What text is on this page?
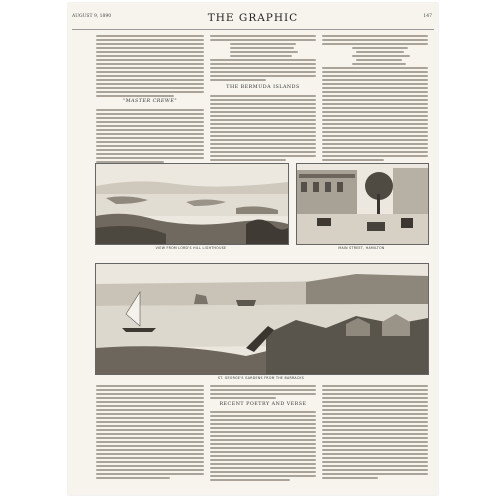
AUGUST 9, 1890	THE GRAPHIC	147
"MASTER CREWE"
THE BERMUDA ISLANDS
VIEW FROM LORD'S HILL LIGHTHOUSE	MAIN STREET, HAMILTON
ST. GEORGE'S GARDENS FROM THE BARRACKS
RECENT POETRY AND VERSE
